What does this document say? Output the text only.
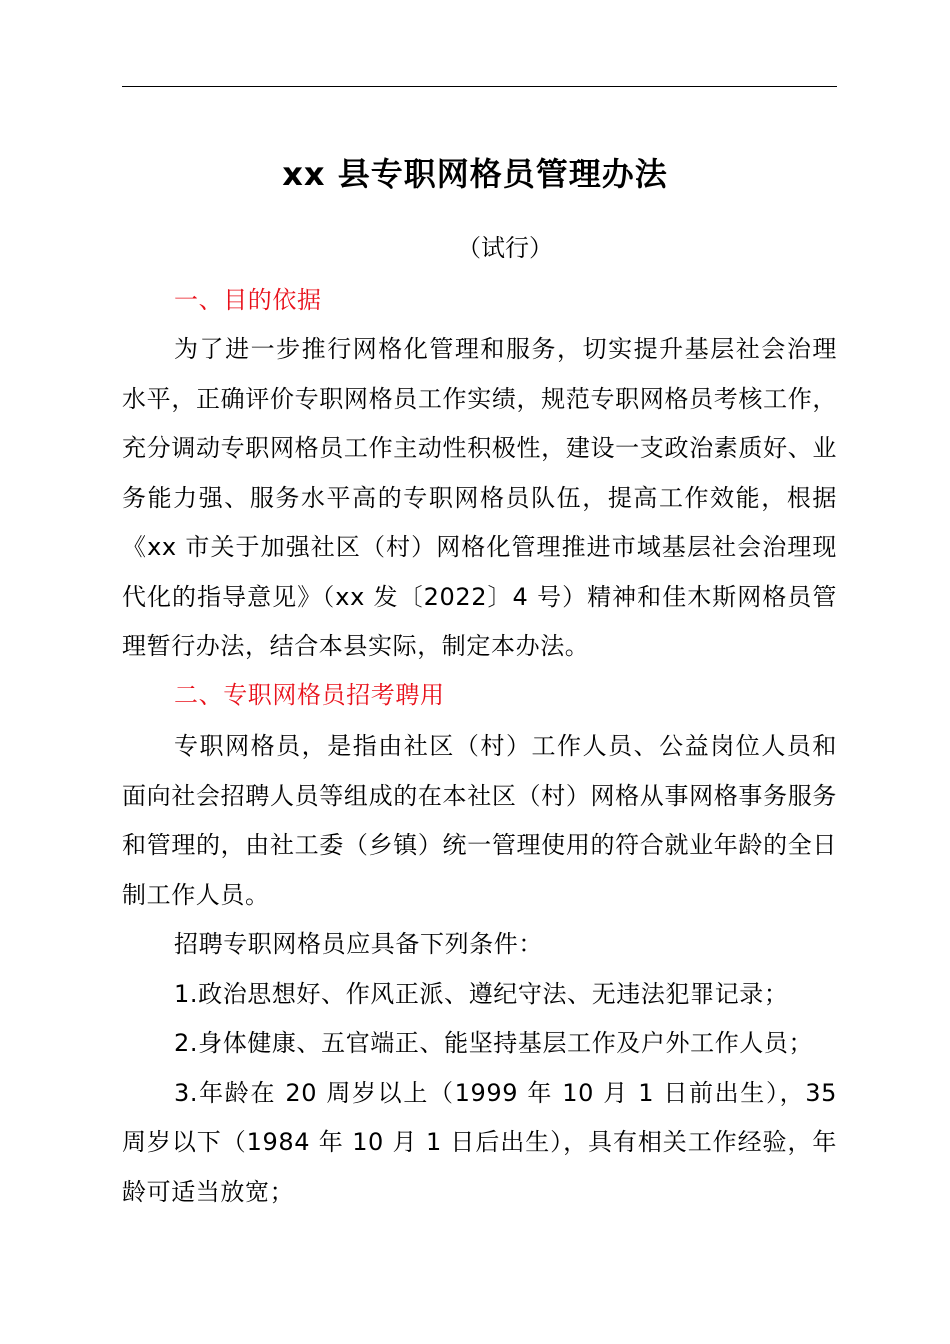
xx 县专职网格员管理办法
（试行）
一、目的依据
为了进一步推行网格化管理和服务，切实提升基层社会治理水平，正确评价专职网格员工作实绩，规范专职网格员考核工作，充分调动专职网格员工作主动性积极性，建设一支政治素质好、业务能力强、服务水平高的专职网格员队伍，提高工作效能，根据《xx 市关于加强社区（村）网格化管理推进市域基层社会治理现代化的指导意见》（xx 发〔2022〕4 号）精神和佳木斯网格员管理暂行办法，结合本县实际，制定本办法。
二、专职网格员招考聘用
专职网格员，是指由社区（村）工作人员、公益岗位人员和面向社会招聘人员等组成的在本社区（村）网格从事网格事务服务和管理的，由社工委（乡镇）统一管理使用的符合就业年龄的全日制工作人员。
招聘专职网格员应具备下列条件：
1.政治思想好、作风正派、遵纪守法、无违法犯罪记录；
2.身体健康、五官端正、能坚持基层工作及户外工作人员；
3.年龄在 20 周岁以上（1999 年 10 月 1 日前出生），35 周岁以下（1984 年 10 月 1 日后出生），具有相关工作经验，年龄可适当放宽；
